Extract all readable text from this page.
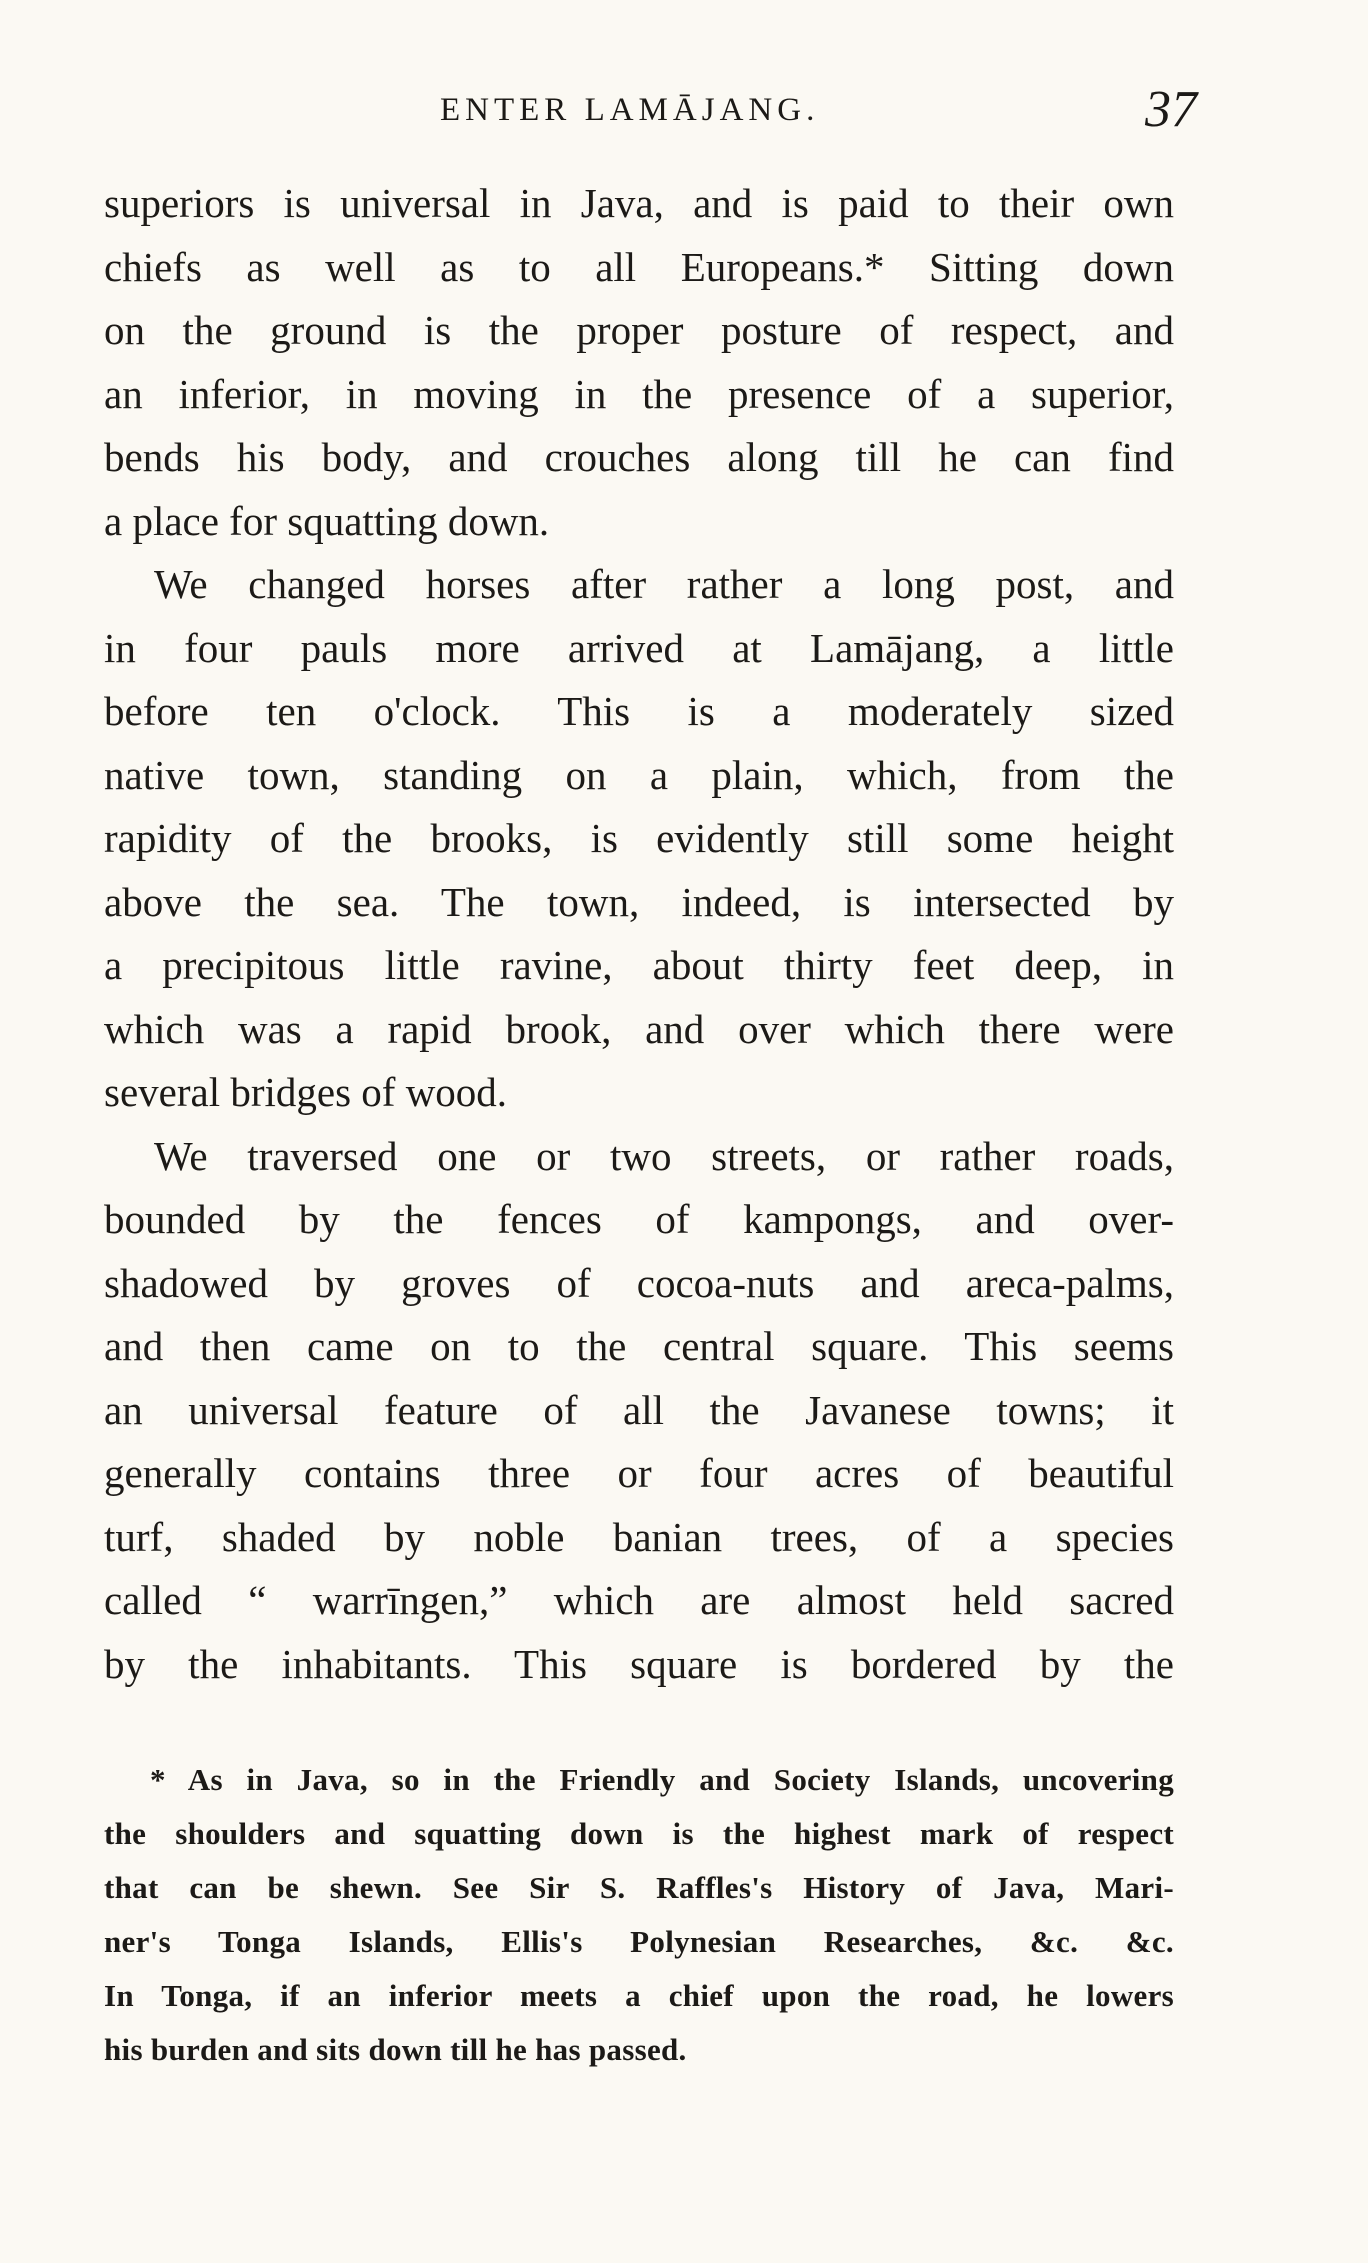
ENTER LAMĀJANG.	37
superiors is universal in Java, and is paid to their own
chiefs as well as to all Europeans.* Sitting down
on the ground is the proper posture of respect, and
an inferior, in moving in the presence of a superior,
bends his body, and crouches along till he can find
a place for squatting down.
We changed horses after rather a long post, and
in four pauls more arrived at Lamājang, a little
before ten o'clock. This is a moderately sized
native town, standing on a plain, which, from the
rapidity of the brooks, is evidently still some height
above the sea. The town, indeed, is intersected by
a precipitous little ravine, about thirty feet deep, in
which was a rapid brook, and over which there were
several bridges of wood.
We traversed one or two streets, or rather roads,
bounded by the fences of kampongs, and over-
shadowed by groves of cocoa-nuts and areca-palms,
and then came on to the central square. This seems
an universal feature of all the Javanese towns; it
generally contains three or four acres of beautiful
turf, shaded by noble banian trees, of a species
called “ warrīngen,” which are almost held sacred
by the inhabitants. This square is bordered by the
* As in Java, so in the Friendly and Society Islands, uncovering
the shoulders and squatting down is the highest mark of respect
that can be shewn. See Sir S. Raffles's History of Java, Mari-
ner's Tonga Islands, Ellis's Polynesian Researches, &c. &c.
In Tonga, if an inferior meets a chief upon the road, he lowers
his burden and sits down till he has passed.
